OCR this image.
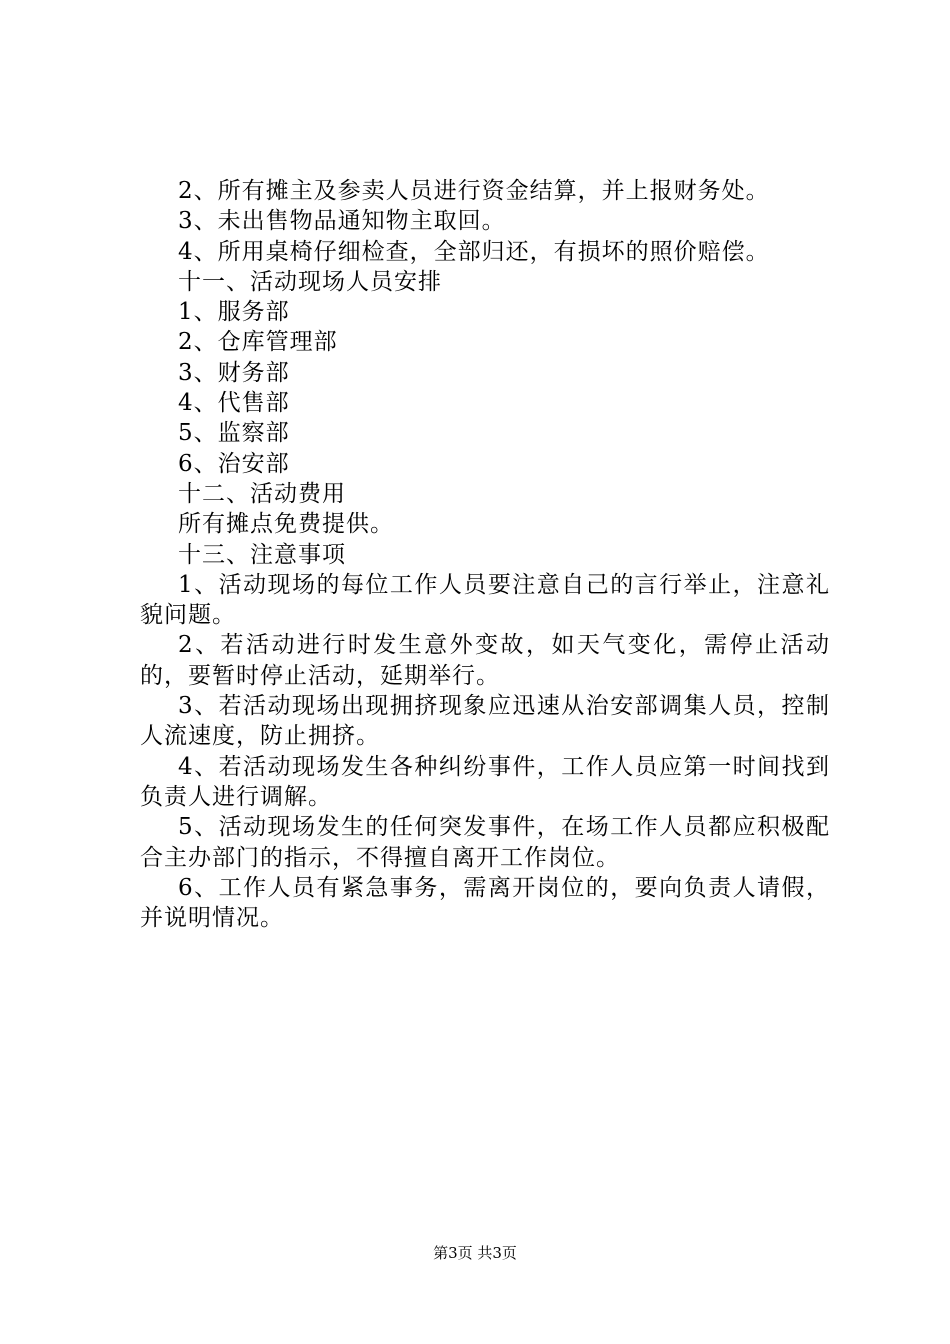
2、所有摊主及参卖人员进行资金结算，并上报财务处。

3、未出售物品通知物主取回。

4、所用桌椅仔细检查，全部归还，有损坏的照价赔偿。

十一、活动现场人员安排

1、服务部

2、仓库管理部

3、财务部

4、代售部

5、监察部

6、治安部

十二、活动费用

所有摊点免费提供。

十三、注意事项

1、活动现场的每位工作人员要注意自己的言行举止，注意礼貌问题。

2、若活动进行时发生意外变故，如天气变化，需停止活动的，要暂时停止活动，延期举行。

3、若活动现场出现拥挤现象应迅速从治安部调集人员，控制人流速度，防止拥挤。

4、若活动现场发生各种纠纷事件，工作人员应第一时间找到负责人进行调解。

5、活动现场发生的任何突发事件，在场工作人员都应积极配合主办部门的指示，不得擅自离开工作岗位。

6、工作人员有紧急事务，需离开岗位的，要向负责人请假，并说明情况。

第3页 共3页
